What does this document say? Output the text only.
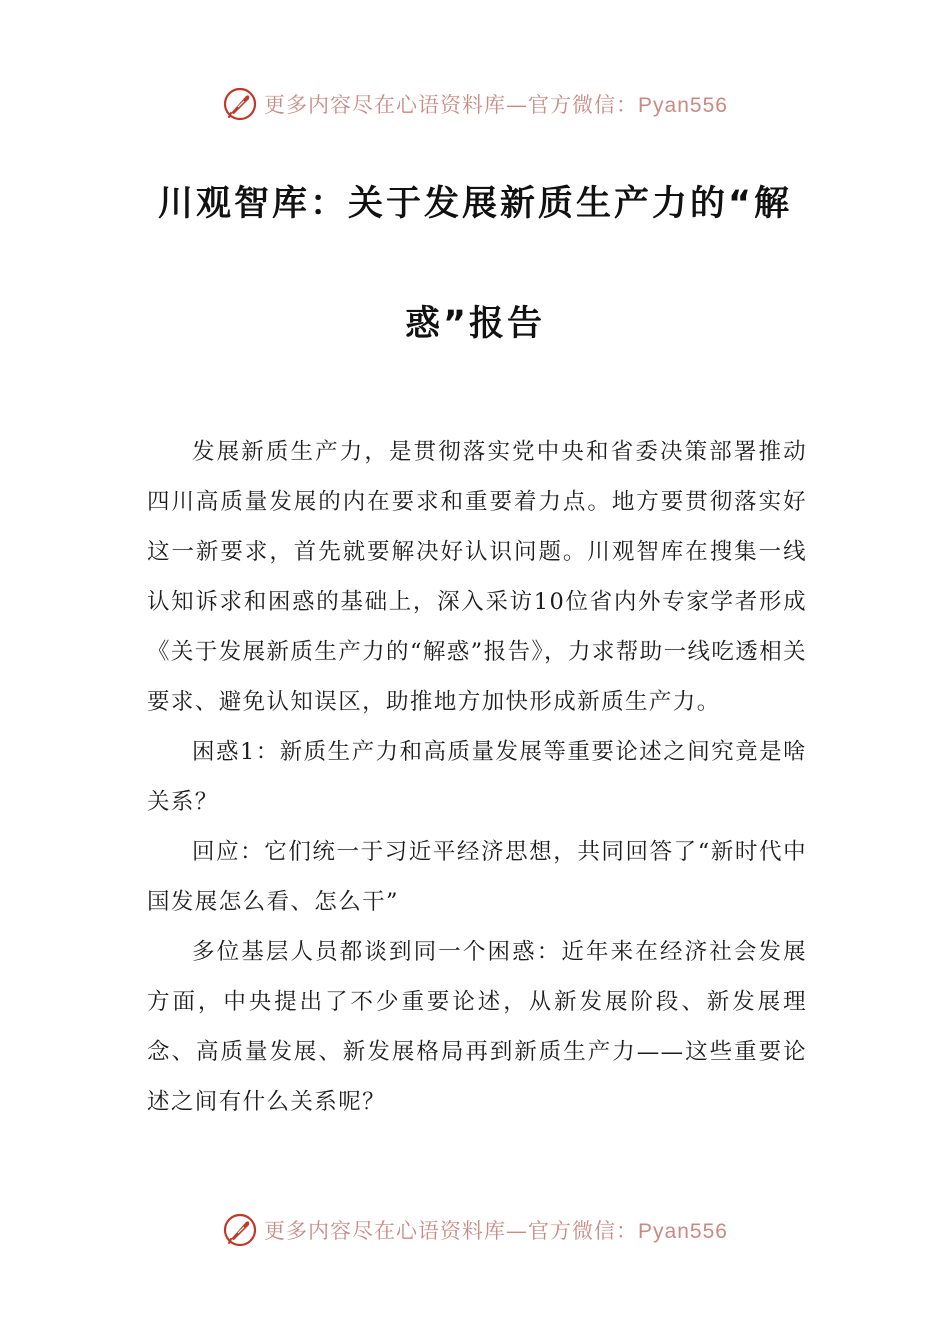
更多内容尽在心语资料库—官方微信：Pyan556
川观智库：关于发展新质生产力的“解
惑”报告

发展新质生产力，是贯彻落实党中央和省委决策部署推动四川高质量发展的内在要求和重要着力点。地方要贯彻落实好这一新要求，首先就要解决好认识问题。川观智库在搜集一线认知诉求和困惑的基础上，深入采访10位省内外专家学者形成《关于发展新质生产力的“解惑”报告》，力求帮助一线吃透相关要求、避免认知误区，助推地方加快形成新质生产力。

困惑1：新质生产力和高质量发展等重要论述之间究竟是啥关系？

回应：它们统一于习近平经济思想，共同回答了“新时代中国发展怎么看、怎么干”

多位基层人员都谈到同一个困惑：近年来在经济社会发展方面，中央提出了不少重要论述，从新发展阶段、新发展理念、高质量发展、新发展格局再到新质生产力——这些重要论述之间有什么关系呢？

更多内容尽在心语资料库—官方微信：Pyan556
